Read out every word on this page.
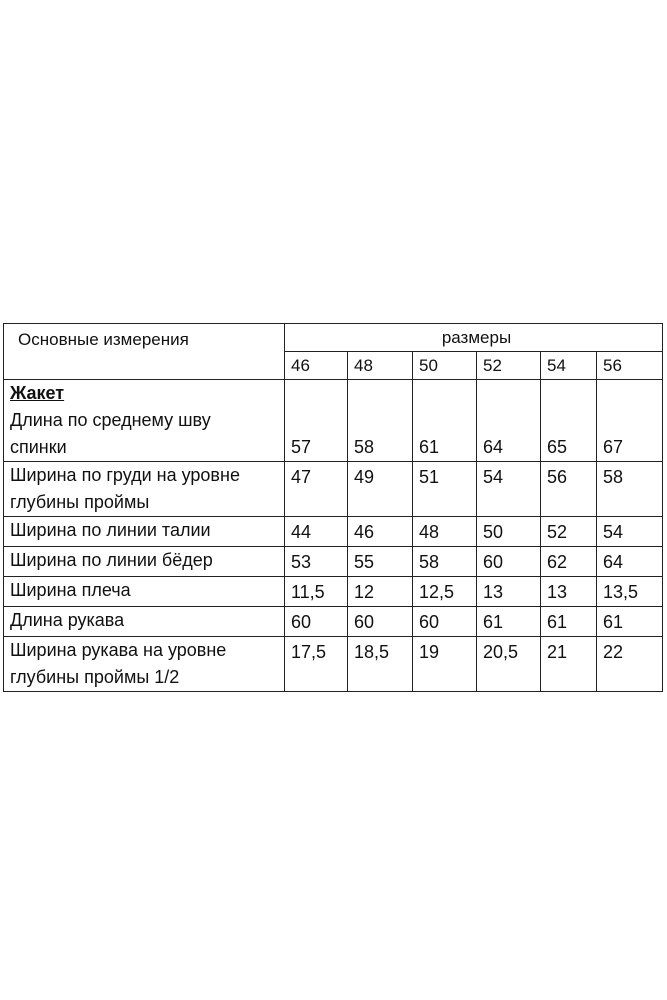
Основные измерения	размеры					
	46	48	50	52	54	56

Жакет
Длина по среднему шву
спинки	57	58	61	64	65	67

Ширина по груди на уровне
глубины проймы	47	49	51	54	56	58

Ширина по линии талии	44	46	48	50	52	54

Ширина по линии бёдер	53	55	58	60	62	64

Ширина плеча	11,5	12	12,5	13	13	13,5

Длина рукава	60	60	60	61	61	61

Ширина рукава на уровне
глубины проймы 1/2	17,5	18,5	19	20,5	21	22
